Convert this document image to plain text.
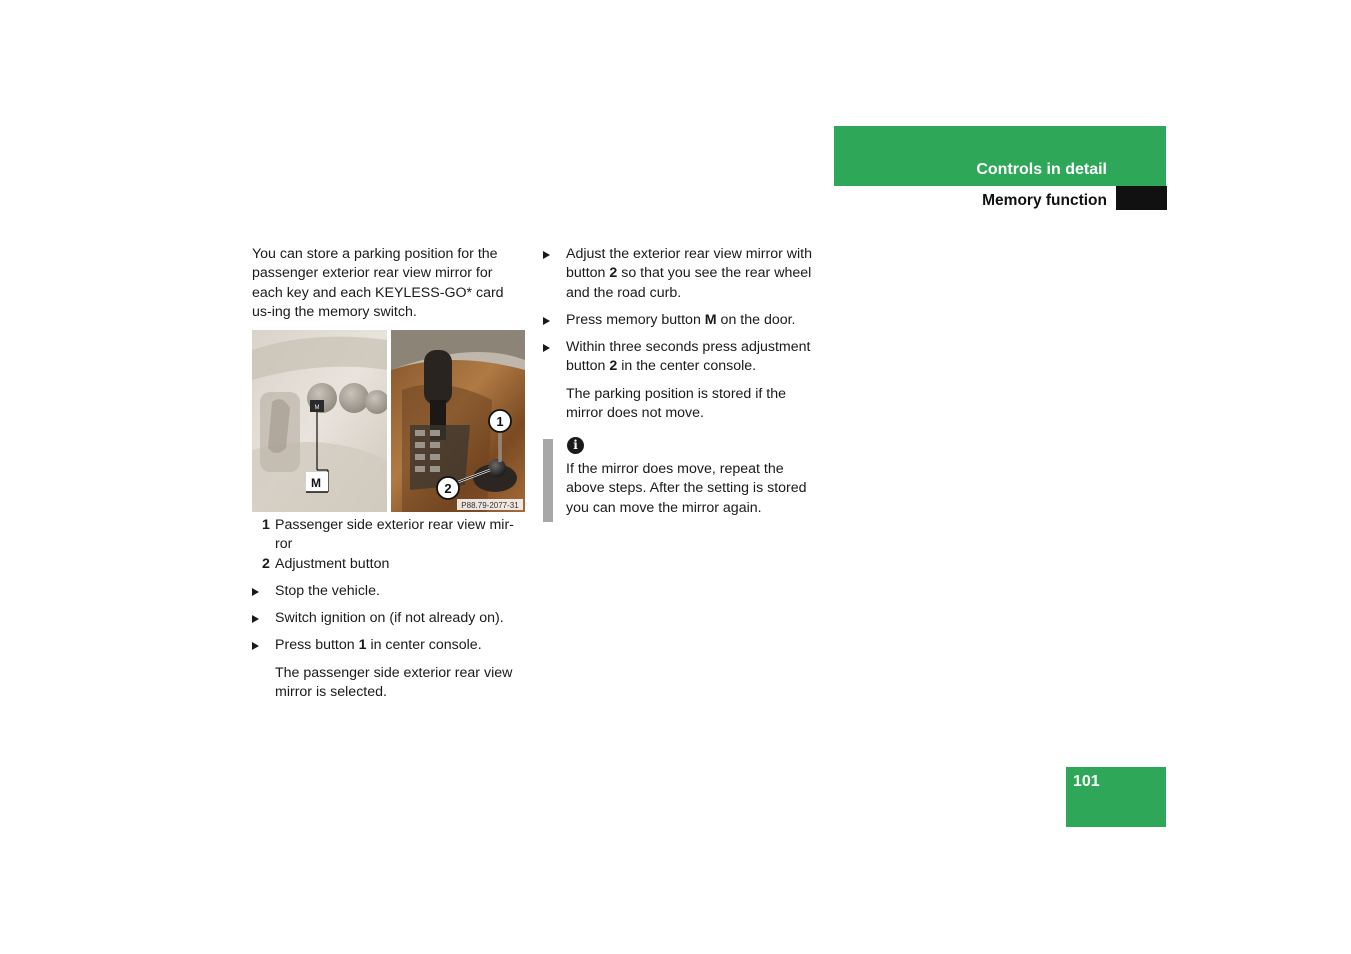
Controls in detail
Memory function

You can store a parking position for the passenger exterior rear view mirror for each key and each KEYLESS-GO* card us-ing the memory switch.

M
M
1
2
P88.79-2077-31
1 Passenger side exterior rear view mir-ror
2 Adjustment button
Stop the vehicle.
Switch ignition on (if not already on).
Press button 1 in center console.

The passenger side exterior rear view mirror is selected.

Adjust the exterior rear view mirror with button 2 so that you see the rear wheel and the road curb.
Press memory button M on the door.
Within three seconds press adjustment button 2 in the center console.

The parking position is stored if the mirror does not move.

i

If the mirror does move, repeat the above steps. After the setting is stored you can move the mirror again.

101
